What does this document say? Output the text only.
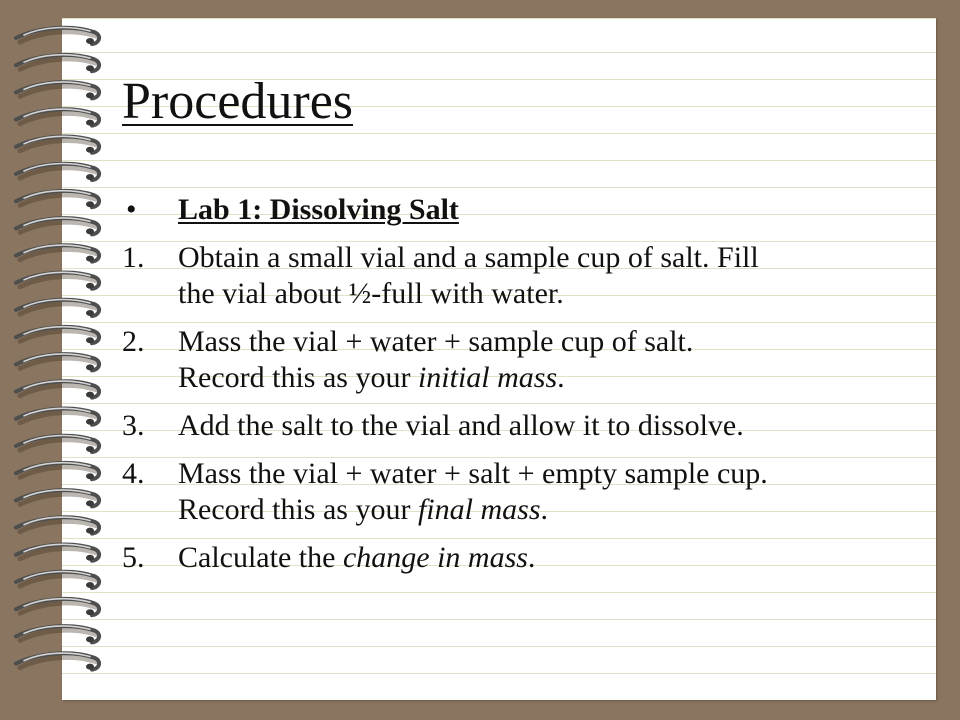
Procedures
•	Lab 1: Dissolving Salt
1.	Obtain a small vial and a sample cup of salt. Fill
the vial about ½-full with water.
2.	Mass the vial + water + sample cup of salt.
Record this as your initial mass.
3.	Add the salt to the vial and allow it to dissolve.
4.	Mass the vial + water + salt + empty sample cup.
Record this as your final mass.
5.	Calculate the change in mass.
